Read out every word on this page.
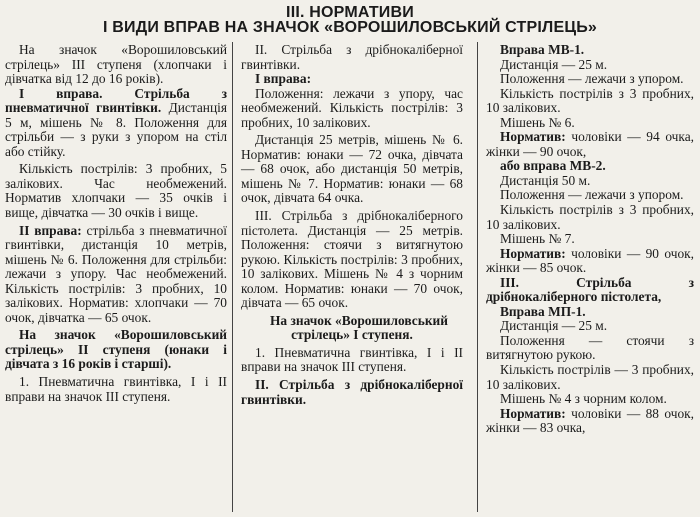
III. НОРМАТИВИ
І ВИДИ ВПРАВ НА ЗНАЧОК «ВОРОШИЛОВСЬКИЙ СТРІЛЕЦЬ»

На значок «Ворошиловський стрілець» III ступеня (хлопчаки і дівчатка від 12 до 16 років).

I вправа. Стрільба з пневматичної гвинтівки. Дистанція 5 м, мішень № 8. Положення для стрільби — з руки з упором на стіл або стійку.

Кількість пострілів: 3 пробних, 5 залікових. Час необмежений. Норматив хлопчаки — 35 очків і вище, дівчатка — 30 очків і вище.

II вправа: стрільба з пневматичної гвинтівки, дистанція 10 метрів, мішень № 6. Положення для стрільби: лежачи з упору. Час необмежений. Кількість пострілів: 3 пробних, 10 залікових. Норматив: хлопчаки — 70 очок, дівчатка — 65 очок.

На значок «Ворошиловський стрілець» II ступеня (юнаки і дівчата з 16 років і старші).

1. Пневматична гвинтівка, I і II вправи на значок III ступеня.

II. Стрільба з дрібнокаліберної гвинтівки.

I вправа:

Положення: лежачи з упору, час необмежений. Кількість пострілів: 3 пробних, 10 залікових.

Дистанція 25 метрів, мішень № 6. Норматив: юнаки — 72 очка, дівчата — 68 очок, або дистанція 50 метрів, мішень № 7. Норматив: юнаки — 68 очок, дівчата 64 очка.

III. Стрільба з дрібнокаліберного пістолета. Дистанція — 25 метрів. Положення: стоячи з витягнутою рукою. Кількість пострілів: 3 пробних, 10 залікових. Мішень № 4 з чорним колом. Норматив: юнаки — 70 очок, дівчата — 65 очок.

На значок «Ворошиловський стрілець» I ступеня.

1. Пневматична гвинтівка, I і II вправи на значок III ступеня.

II. Стрільба з дрібнокаліберної гвинтівки.

Вправа МВ-1.

Дистанція — 25 м.

Положення — лежачи з упором.

Кількість пострілів з 3 пробних, 10 залікових.

Мішень № 6.

Норматив: чоловіки — 94 очка, жінки — 90 очок,

або вправа МВ-2.

Дистанція 50 м.

Положення — лежачи з упором.

Кількість пострілів з 3 пробних, 10 залікових.

Мішень № 7.

Норматив: чоловіки — 90 очок, жінки — 85 очок.

III. Стрільба з дрібнокаліберного пістолета,

Вправа МП-1.

Дистанція — 25 м.

Положення — стоячи з витягнутою рукою.

Кількість пострілів — 3 пробних, 10 залікових.

Мішень № 4 з чорним колом.

Норматив: чоловіки — 88 очок, жінки — 83 очка,
